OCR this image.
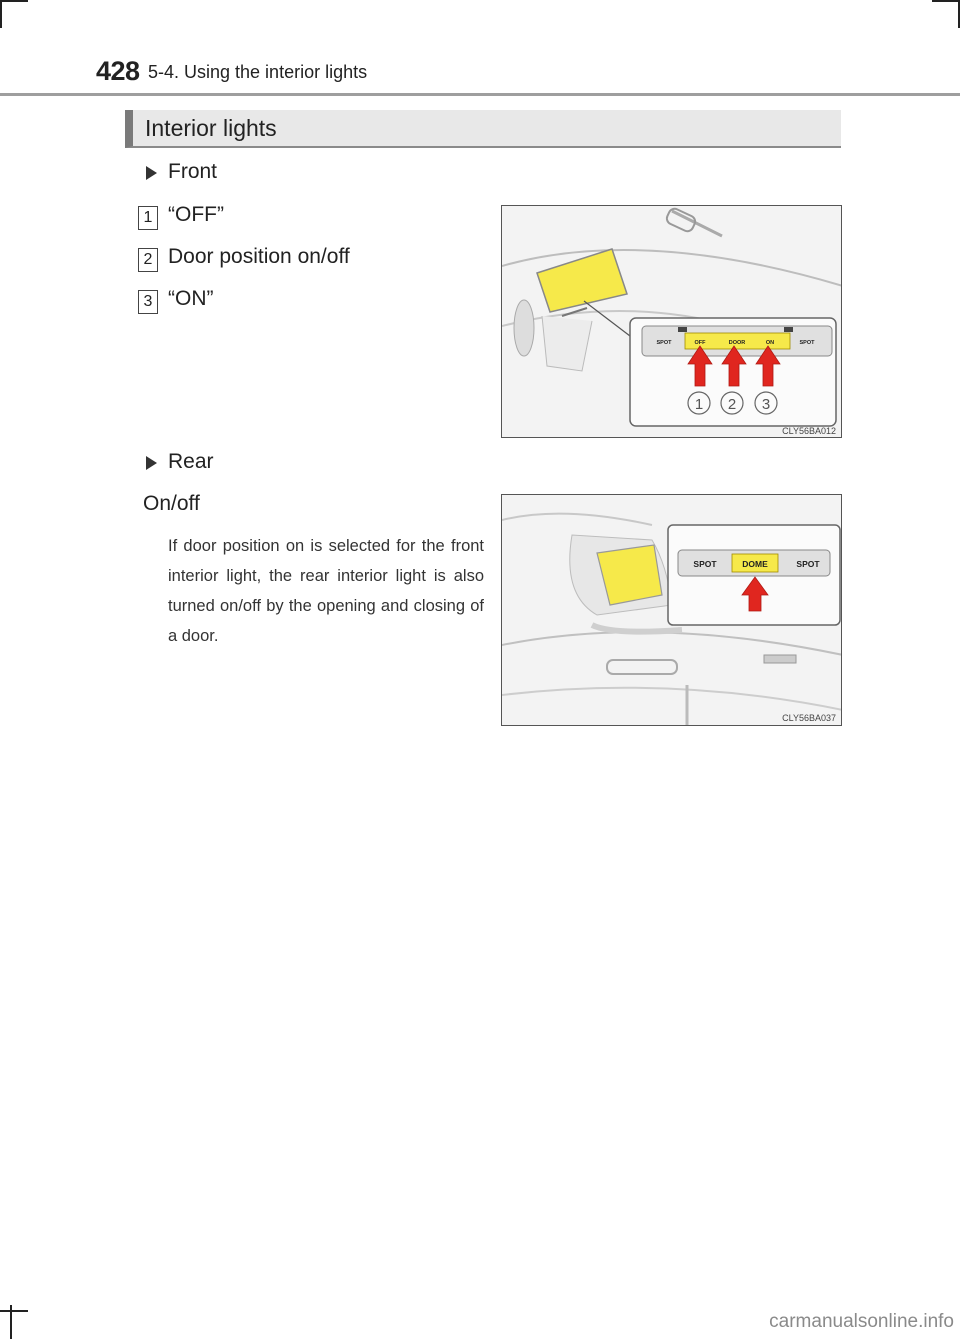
428 5-4. Using the interior lights
Interior lights
Front
1 “OFF”
2 Door position on/off
3 “ON”
SPOT	OFF	DOOR	ON	SPOT
1 2 3
CLY56BA012
Rear
On/off
If door position on is selected for the front interior light, the rear interior light is also turned on/off by the opening and closing of a door.
SPOT	DOME	SPOT
CLY56BA037
carmanualsonline.info
